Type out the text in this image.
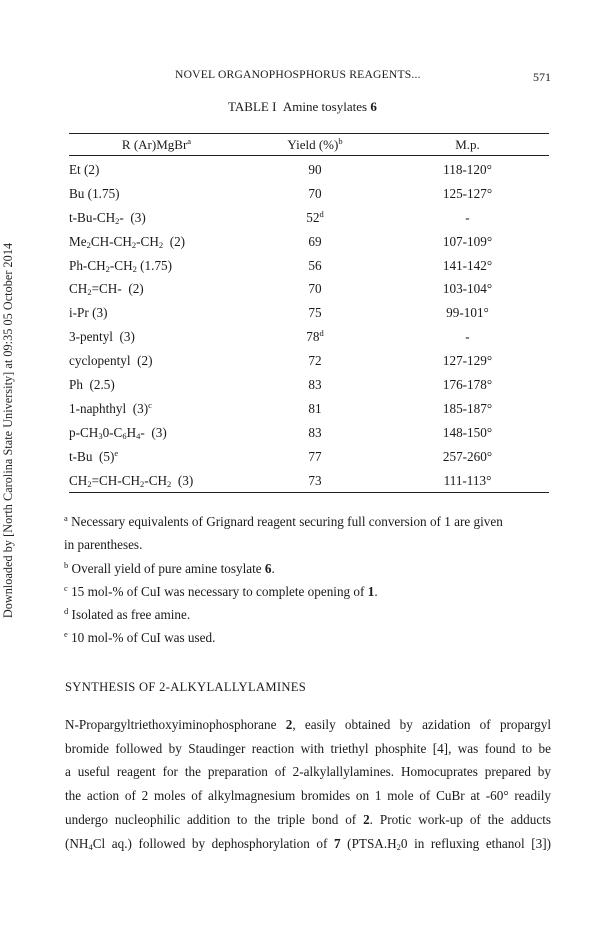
Downloaded by [North Carolina State University] at 09:35 05 October 2014
NOVEL ORGANOPHOSPHORUS REAGENTS...	571
TABLE I Amine tosylates 6
R (Ar)MgBr$^a$	Yield (%)$^b$	M.p.
Et (2)	90	118-120°
Bu (1.75)	70	125-127°
$t-Bu-CH_2-$  (3)	52$^d$	-
$Me_2CH-CH_2-CH_2$  (2)	69	107-109°
$Ph-CH_2-CH_2$ (1.75)	56	141-142°
$CH_2=CH-$  (2)	70	103-104°
i-Pr (3)	75	99-101°
3-pentyl  (3)	78$^d$	-
cyclopentyl  (2)	72	127-129°
Ph  (2.5)	83	176-178°
1-naphthyl  $(3)^c$	81	185-187°
$p-CH_30-C_6H_4-$  (3)	83	148-150°
t-Bu  $(5)^e$	77	257-260°
$CH_2=CH-CH_2-CH_2$  (3)	73	111-113°

$^a$ Necessary equivalents of Grignard reagent securing full conversion of 1 are given

in parentheses.

$^b$ Overall yield of pure amine tosylate 6.

$^c$ 15 mol-% of CuI was necessary to complete opening of 1.

$^d$ Isolated as free amine.

$^e$ 10 mol-% of CuI was used.

SYNTHESIS OF 2-ALKYLALLYLAMINES
N-Propargyltriethoxyiminophosphorane 2, easily obtained by azidation of propargyl
bromide followed by Staudinger reaction with triethyl phosphite [4], was found to be
a useful reagent for the preparation of 2-alkylallylamines. Homocuprates prepared by
the action of 2 moles of alkylmagnesium bromides on 1 mole of CuBr at -60° readily
undergo nucleophilic addition to the triple bond of 2. Protic work-up of the adducts
($NH_4Cl$ aq.) followed by dephosphorylation of 7 ($PTSA.H_20$ in refluxing ethanol [3])
